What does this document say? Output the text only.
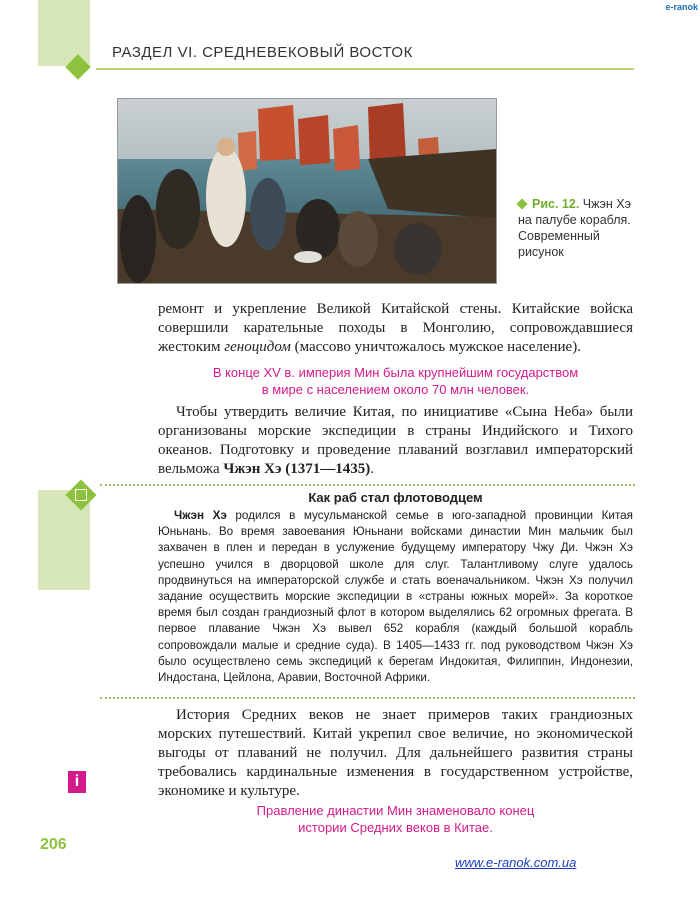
РАЗДЕЛ VI. СРЕДНЕВЕКОВЫЙ ВОСТОК
e-ranok
Рис. 12. Чжэн Хэ на палубе корабля. Современный рисунок
ремонт и укрепление Великой Китайской стены. Китайские войска совершили карательные походы в Монголию, сопровождавшиеся жестоким геноцидом (массово уничтожалось мужское население).
В конце XV в. империя Мин была крупнейшим государством
в мире с населением около 70 млн человек.
Чтобы утвердить величие Китая, по инициативе «Сына Неба» были организованы морские экспедиции в страны Индийского и Тихого океанов. Подготовку и проведение плаваний возглавил императорский вельможа Чжэн Хэ (1371—1435).
Как раб стал флотоводцем
Чжэн Хэ родился в мусульманской семье в юго-западной провинции Китая Юньнань. Во время завоевания Юньнани войсками династии Мин мальчик был захвачен в плен и передан в услужение будущему императору Чжу Ди. Чжэн Хэ успешно учился в дворцовой школе для слуг. Талантливому слуге удалось продвинуться на императорской службе и стать военачальником. Чжэн Хэ получил задание осуществить морские экспедиции в «страны южных морей». За короткое время был создан грандиозный флот в котором выделялись 62 огромных фрегата. В первое плавание Чжэн Хэ вывел 652 корабля (каждый большой корабль сопровождали малые и средние суда). В 1405—1433 гг. под руководством Чжэн Хэ было осуществлено семь экспедиций к берегам Индокитая, Филиппин, Индонезии, Индостана, Цейлона, Аравии, Восточной Африки.
История Средних веков не знает примеров таких грандиозных морских путешествий. Китай укрепил свое величие, но экономической выгоды от плаваний не получил. Для дальнейшего развития страны требовались кардинальные изменения в государственном устройстве, экономике и культуре.
i
Правление династии Мин знаменовало конец
истории Средних веков в Китае.
206
www.e-ranok.com.ua
